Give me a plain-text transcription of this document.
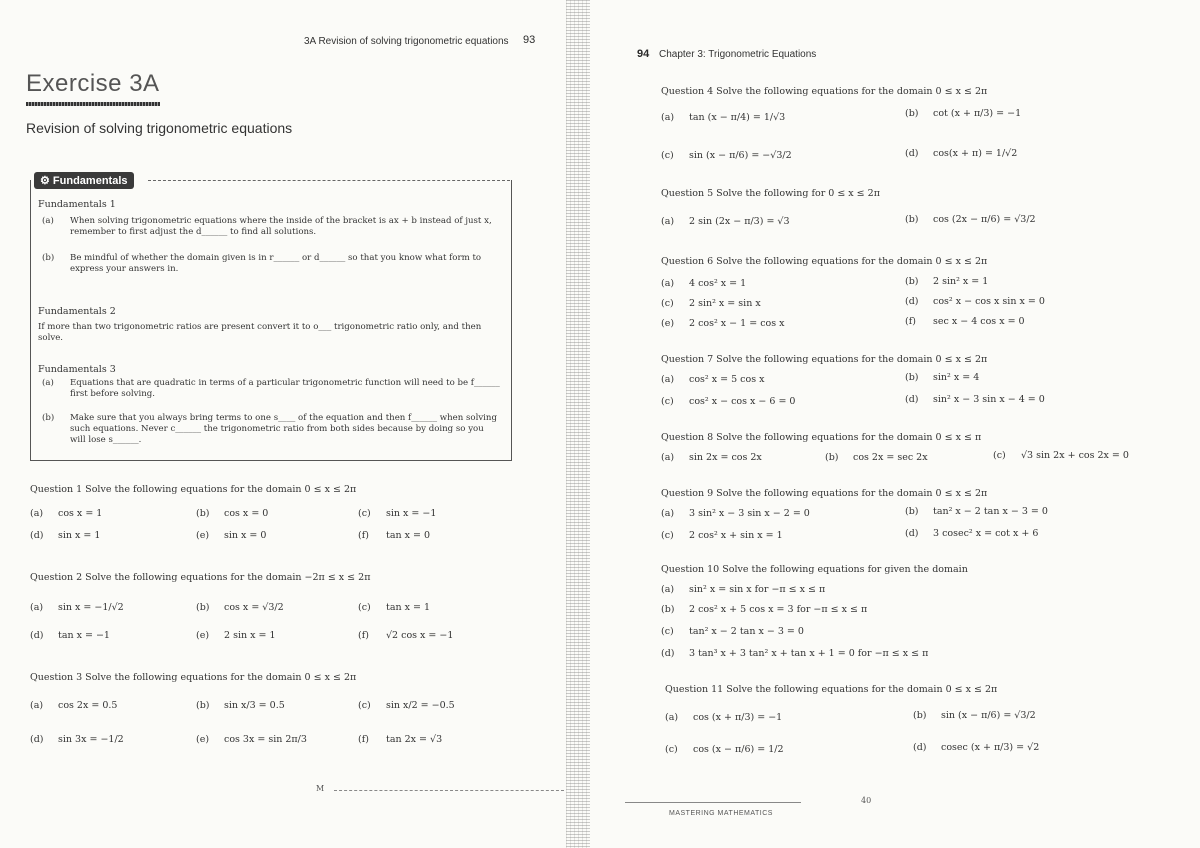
3A Revision of solving trigonometric equations 93
Exercise 3A
Revision of solving trigonometric equations
⚙ Fundamentals
Fundamentals 1
(a) When solving trigonometric equations where the inside of the bracket is ax + b instead of just x, remember to first adjust the d______ to find all solutions.
(b) Be mindful of whether the domain given is in r______ or d______ so that you know what form to express your answers in.
Fundamentals 2
If more than two trigonometric ratios are present convert it to o___ trigonometric ratio only, and then solve.
Fundamentals 3
(a) Equations that are quadratic in terms of a particular trigonometric function will need to be f______ first before solving.
(b) Make sure that you always bring terms to one s____ of the equation and then f______ when solving such equations. Never c______ the trigonometric ratio from both sides because by doing so you will lose s______.
Question 1 Solve the following equations for the domain 0 ≤ x ≤ 2π
(a) cos x = 1	(b) cos x = 0	(c) sin x = −1
(d) sin x = 1	(e) sin x = 0	(f) tan x = 0
Question 2 Solve the following equations for the domain −2π ≤ x ≤ 2π
(a) sin x = −1/√2	(b) cos x = √3/2	(c) tan x = 1
(d) tan x = −1	(e) 2 sin x = 1	(f) √2 cos x = −1
Question 3 Solve the following equations for the domain 0 ≤ x ≤ 2π
(a) cos 2x = 0.5	(b) sin x/3 = 0.5	(c) sin x/2 = −0.5
(d) sin 3x = −1/2	(e) cos 3x = sin 2π/3	(f) tan 2x = √3
M
94 Chapter 3: Trigonometric Equations
Question 4 Solve the following equations for the domain 0 ≤ x ≤ 2π
(a) tan (x − π/4) = 1/√3	(b) cot (x + π/3) = −1
(c) sin (x − π/6) = −√3/2	(d) cos(x + π) = 1/√2
Question 5 Solve the following for 0 ≤ x ≤ 2π
(a) 2 sin (2x − π/3) = √3	(b) cos (2x − π/6) = √3/2
Question 6 Solve the following equations for the domain 0 ≤ x ≤ 2π
(a) 4 cos² x = 1	(b) 2 sin² x = 1
(c) 2 sin² x = sin x	(d) cos² x − cos x sin x = 0
(e) 2 cos² x − 1 = cos x	(f) sec x − 4 cos x = 0
Question 7 Solve the following equations for the domain 0 ≤ x ≤ 2π
(a) cos² x = 5 cos x	(b) sin² x = 4
(c) cos² x − cos x − 6 = 0	(d) sin² x − 3 sin x − 4 = 0
Question 8 Solve the following equations for the domain 0 ≤ x ≤ π
(a) sin 2x = cos 2x	(b) cos 2x = sec 2x	(c) √3 sin 2x + cos 2x = 0
Question 9 Solve the following equations for the domain 0 ≤ x ≤ 2π
(a) 3 sin² x − 3 sin x − 2 = 0	(b) tan² x − 2 tan x − 3 = 0
(c) 2 cos² x + sin x = 1	(d) 3 cosec² x = cot x + 6
Question 10 Solve the following equations for given the domain
(a) sin² x = sin x for −π ≤ x ≤ π
(b) 2 cos² x + 5 cos x = 3 for −π ≤ x ≤ π
(c) tan² x − 2 tan x − 3 = 0
(d) 3 tan³ x + 3 tan² x + tan x + 1 = 0 for −π ≤ x ≤ π
Question 11 Solve the following equations for the domain 0 ≤ x ≤ 2π
(a) cos (x + π/3) = −1	(b) sin (x − π/6) = √3/2
(c) cos (x − π/6) = 1/2	(d) cosec (x + π/3) = √2
40
MASTERING MATHEMATICS
